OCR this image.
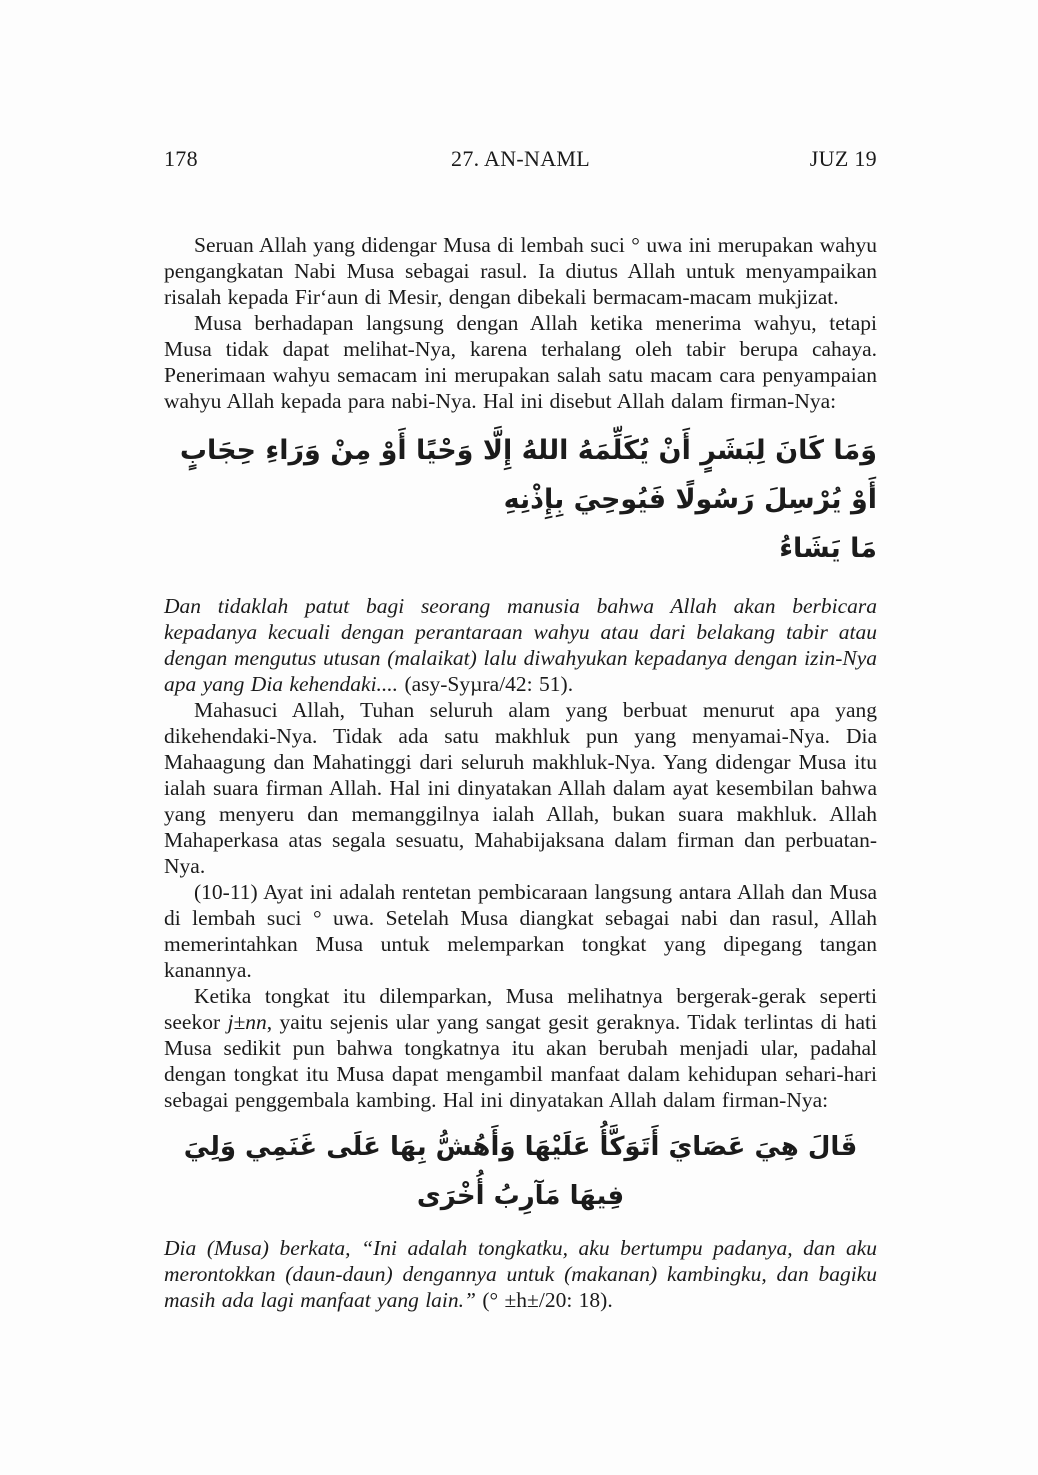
178	27. AN-NAML	JUZ 19

Seruan Allah yang didengar Musa di lembah suci ° uwa ini merupakan wahyu pengangkatan Nabi Musa sebagai rasul. Ia diutus Allah untuk menyampaikan risalah kepada Fir‘aun di Mesir, dengan dibekali bermacam-macam mukjizat.

Musa berhadapan langsung dengan Allah ketika menerima wahyu, tetapi Musa tidak dapat melihat-Nya, karena terhalang oleh tabir berupa cahaya. Penerimaan wahyu semacam ini merupakan salah satu macam cara penyampaian wahyu Allah kepada para nabi-Nya. Hal ini disebut Allah dalam firman-Nya:

وَمَا كَانَ لِبَشَرٍ أَنْ يُكَلِّمَهُ اللهُ إِلَّا وَحْيًا أَوْ مِنْ وَرَاءِ حِجَابٍ أَوْ يُرْسِلَ رَسُولًا فَيُوحِيَ بِإِذْنِهِ
مَا يَشَاءُ

Dan tidaklah patut bagi seorang manusia bahwa Allah akan berbicara kepadanya kecuali dengan perantaraan wahyu atau dari belakang tabir atau dengan mengutus utusan (malaikat) lalu diwahyukan kepadanya dengan izin-Nya apa yang Dia kehendaki.... (asy-Syµra/42: 51).

Mahasuci Allah, Tuhan seluruh alam yang berbuat menurut apa yang dikehendaki-Nya. Tidak ada satu makhluk pun yang menyamai-Nya. Dia Mahaagung dan Mahatinggi dari seluruh makhluk-Nya. Yang didengar Musa itu ialah suara firman Allah. Hal ini dinyatakan Allah dalam ayat kesembilan bahwa yang menyeru dan memanggilnya ialah Allah, bukan suara makhluk. Allah Mahaperkasa atas segala sesuatu, Mahabijaksana dalam firman dan perbuatan-Nya.

(10-11) Ayat ini adalah rentetan pembicaraan langsung antara Allah dan Musa di lembah suci ° uwa. Setelah Musa diangkat sebagai nabi dan rasul, Allah memerintahkan Musa untuk melemparkan tongkat yang dipegang tangan kanannya.

Ketika tongkat itu dilemparkan, Musa melihatnya bergerak-gerak seperti seekor j±nn, yaitu sejenis ular yang sangat gesit geraknya. Tidak terlintas di hati Musa sedikit pun bahwa tongkatnya itu akan berubah menjadi ular, padahal dengan tongkat itu Musa dapat mengambil manfaat dalam kehidupan sehari-hari sebagai penggembala kambing. Hal ini dinyatakan Allah dalam firman-Nya:

قَالَ هِيَ عَصَايَ أَتَوَكَّأُ عَلَيْهَا وَأَهُشُّ بِهَا عَلَى غَنَمِي وَلِيَ فِيهَا مَآرِبُ أُخْرَى

Dia (Musa) berkata, “Ini adalah tongkatku, aku bertumpu padanya, dan aku merontokkan (daun-daun) dengannya untuk (makanan) kambingku, dan bagiku masih ada lagi manfaat yang lain.” (° ±h±/20: 18).
